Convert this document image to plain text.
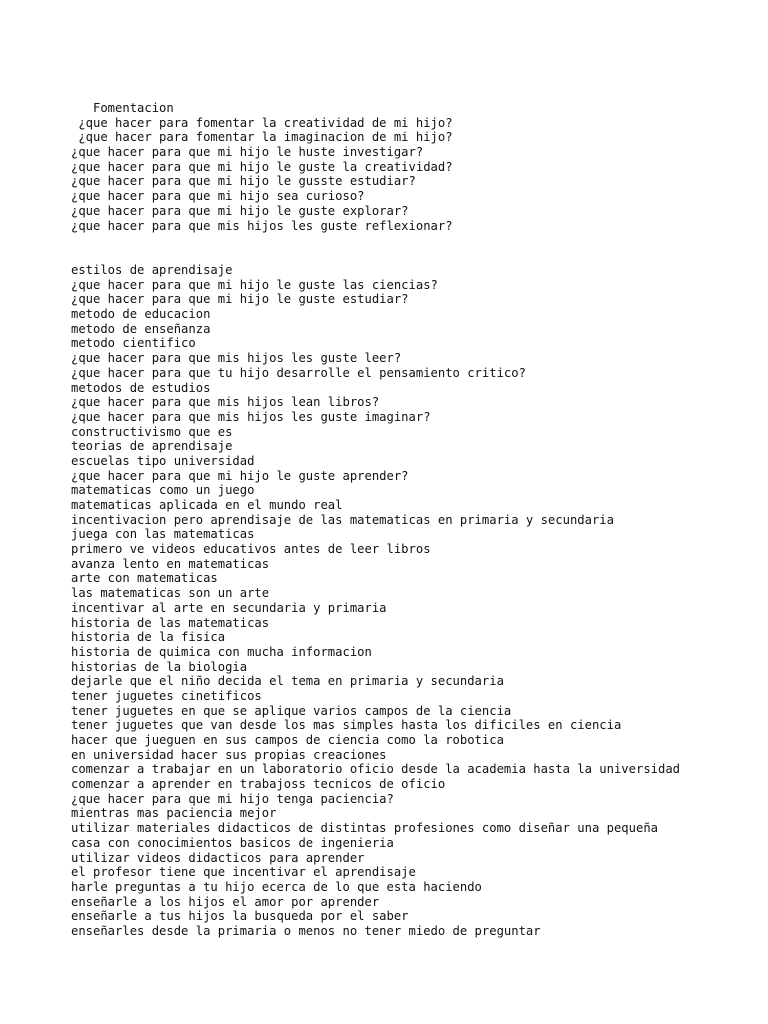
Fomentacion
¿que hacer para fomentar la creatividad de mi hijo?
¿que hacer para fomentar la imaginacion de mi hijo?
¿que hacer para que mi hijo le huste investigar?
¿que hacer para que mi hijo le guste la creatividad?
¿que hacer para que mi hijo le gusste estudiar?
¿que hacer para que mi hijo sea curioso?
¿que hacer para que mi hijo le guste explorar?
¿que hacer para que mis hijos les guste reflexionar?
estilos de aprendisaje
¿que hacer para que mi hijo le guste las ciencias?
¿que hacer para que mi hijo le guste estudiar?
metodo de educacion
metodo de enseñanza
metodo cientifico
¿que hacer para que mis hijos les guste leer?
¿que hacer para que tu hijo desarrolle el pensamiento critico?
metodos de estudios
¿que hacer para que mis hijos lean libros?
¿que hacer para que mis hijos les guste imaginar?
constructivismo que es
teorias de aprendisaje
escuelas tipo universidad
¿que hacer para que mi hijo le guste aprender?
matematicas como un juego
matematicas aplicada en el mundo real
incentivacion pero aprendisaje de las matematicas en primaria y secundaria
juega con las matematicas
primero ve videos educativos antes de leer libros
avanza lento en matematicas
arte con matematicas
las matematicas son un arte
incentivar al arte en secundaria y primaria
historia de las matematicas
historia de la fisica
historia de quimica con mucha informacion
historias de la biologia
dejarle que el niño decida el tema en primaria y secundaria
tener juguetes cinetificos
tener juguetes en que se aplique varios campos de la ciencia
tener juguetes que van desde los mas simples hasta los dificiles en ciencia
hacer que jueguen en sus campos de ciencia como la robotica
en universidad hacer sus propias creaciones
comenzar a trabajar en un laboratorio oficio desde la academia hasta la universidad
comenzar a aprender en trabajoss tecnicos de oficio
¿que hacer para que mi hijo tenga paciencia?
mientras mas paciencia mejor
utilizar materiales didacticos de distintas profesiones como diseñar una pequeña
casa con conocimientos basicos de ingenieria
utilizar videos didacticos para aprender
el profesor tiene que incentivar el aprendisaje
harle preguntas a tu hijo ecerca de lo que esta haciendo
enseñarle a los hijos el amor por aprender
enseñarle a tus hijos la busqueda por el saber
enseñarles desde la primaria o menos no tener miedo de preguntar
